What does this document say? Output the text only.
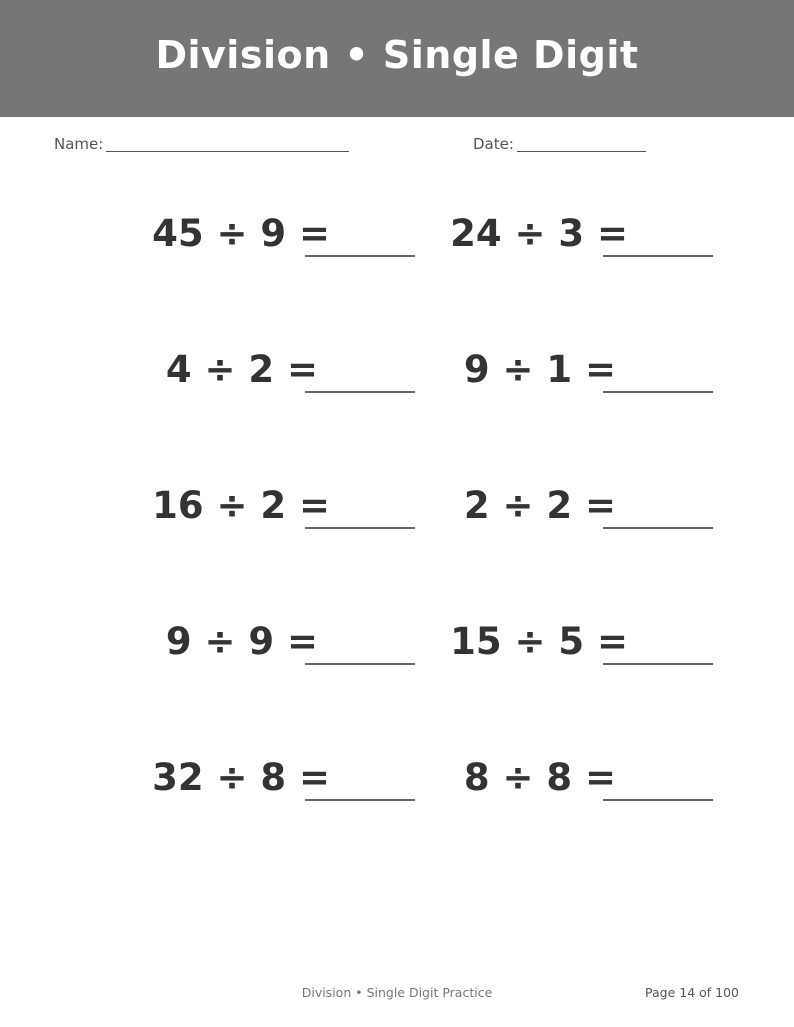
Division • Single Digit
Name:	Date:
45 ÷ 9 =	24 ÷ 3 =
4 ÷ 2 =	9 ÷ 1 =
16 ÷ 2 =	2 ÷ 2 =
9 ÷ 9 =	15 ÷ 5 =
32 ÷ 8 =	8 ÷ 8 =
Division • Single Digit Practice	Page 14 of 100
